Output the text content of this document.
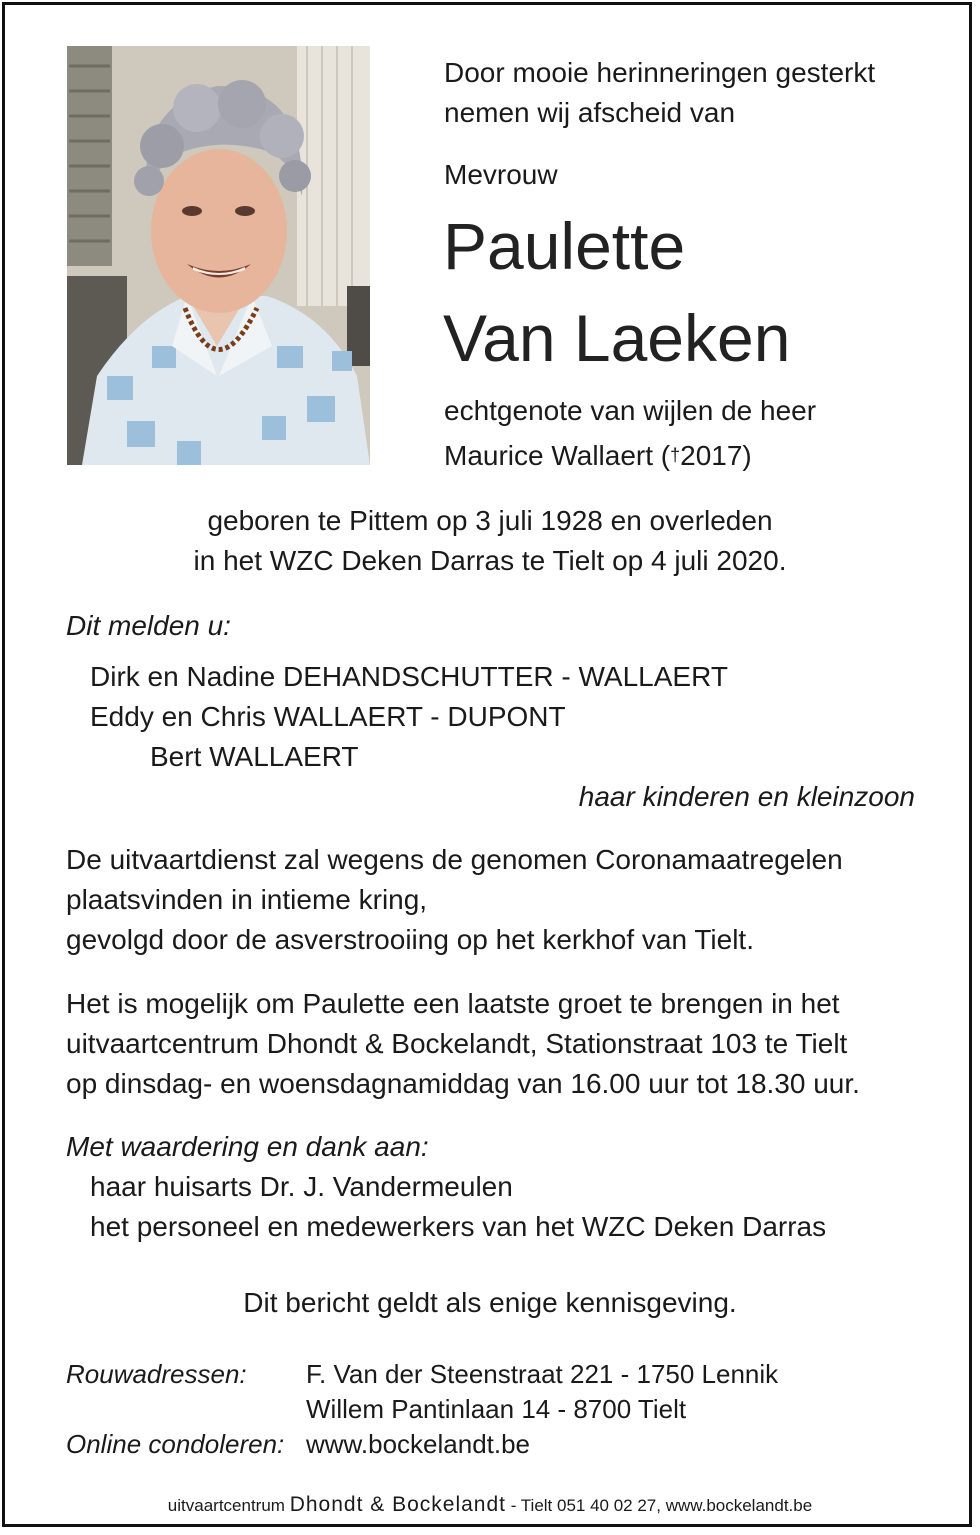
Door mooie herinneringen gesterkt
nemen wij afscheid van
Mevrouw
Paulette
Van Laeken
echtgenote van wijlen de heer
Maurice Wallaert (†2017)
geboren te Pittem op 3 juli 1928 en overleden
in het WZC Deken Darras te Tielt op 4 juli 2020.
Dit melden u:
Dirk en Nadine DEHANDSCHUTTER - WALLAERT
Eddy en Chris WALLAERT - DUPONT
Bert WALLAERT
haar kinderen en kleinzoon
De uitvaartdienst zal wegens de genomen Coronamaatregelen
plaatsvinden in intieme kring,
gevolgd door de asverstrooiing op het kerkhof van Tielt.
Het is mogelijk om Paulette een laatste groet te brengen in het
uitvaartcentrum Dhondt & Bockelandt, Stationstraat 103 te Tielt
op dinsdag- en woensdagnamiddag van 16.00 uur tot 18.30 uur.
Met waardering en dank aan:
haar huisarts Dr. J. Vandermeulen
het personeel en medewerkers van het WZC Deken Darras
Dit bericht geldt als enige kennisgeving.
Rouwadressen: F. Van der Steenstraat 221 - 1750 Lennik
Willem Pantinlaan 14 - 8700 Tielt
Online condoleren: www.bockelandt.be
uitvaartcentrum Dhondt & Bockelandt - Tielt 051 40 02 27, www.bockelandt.be
